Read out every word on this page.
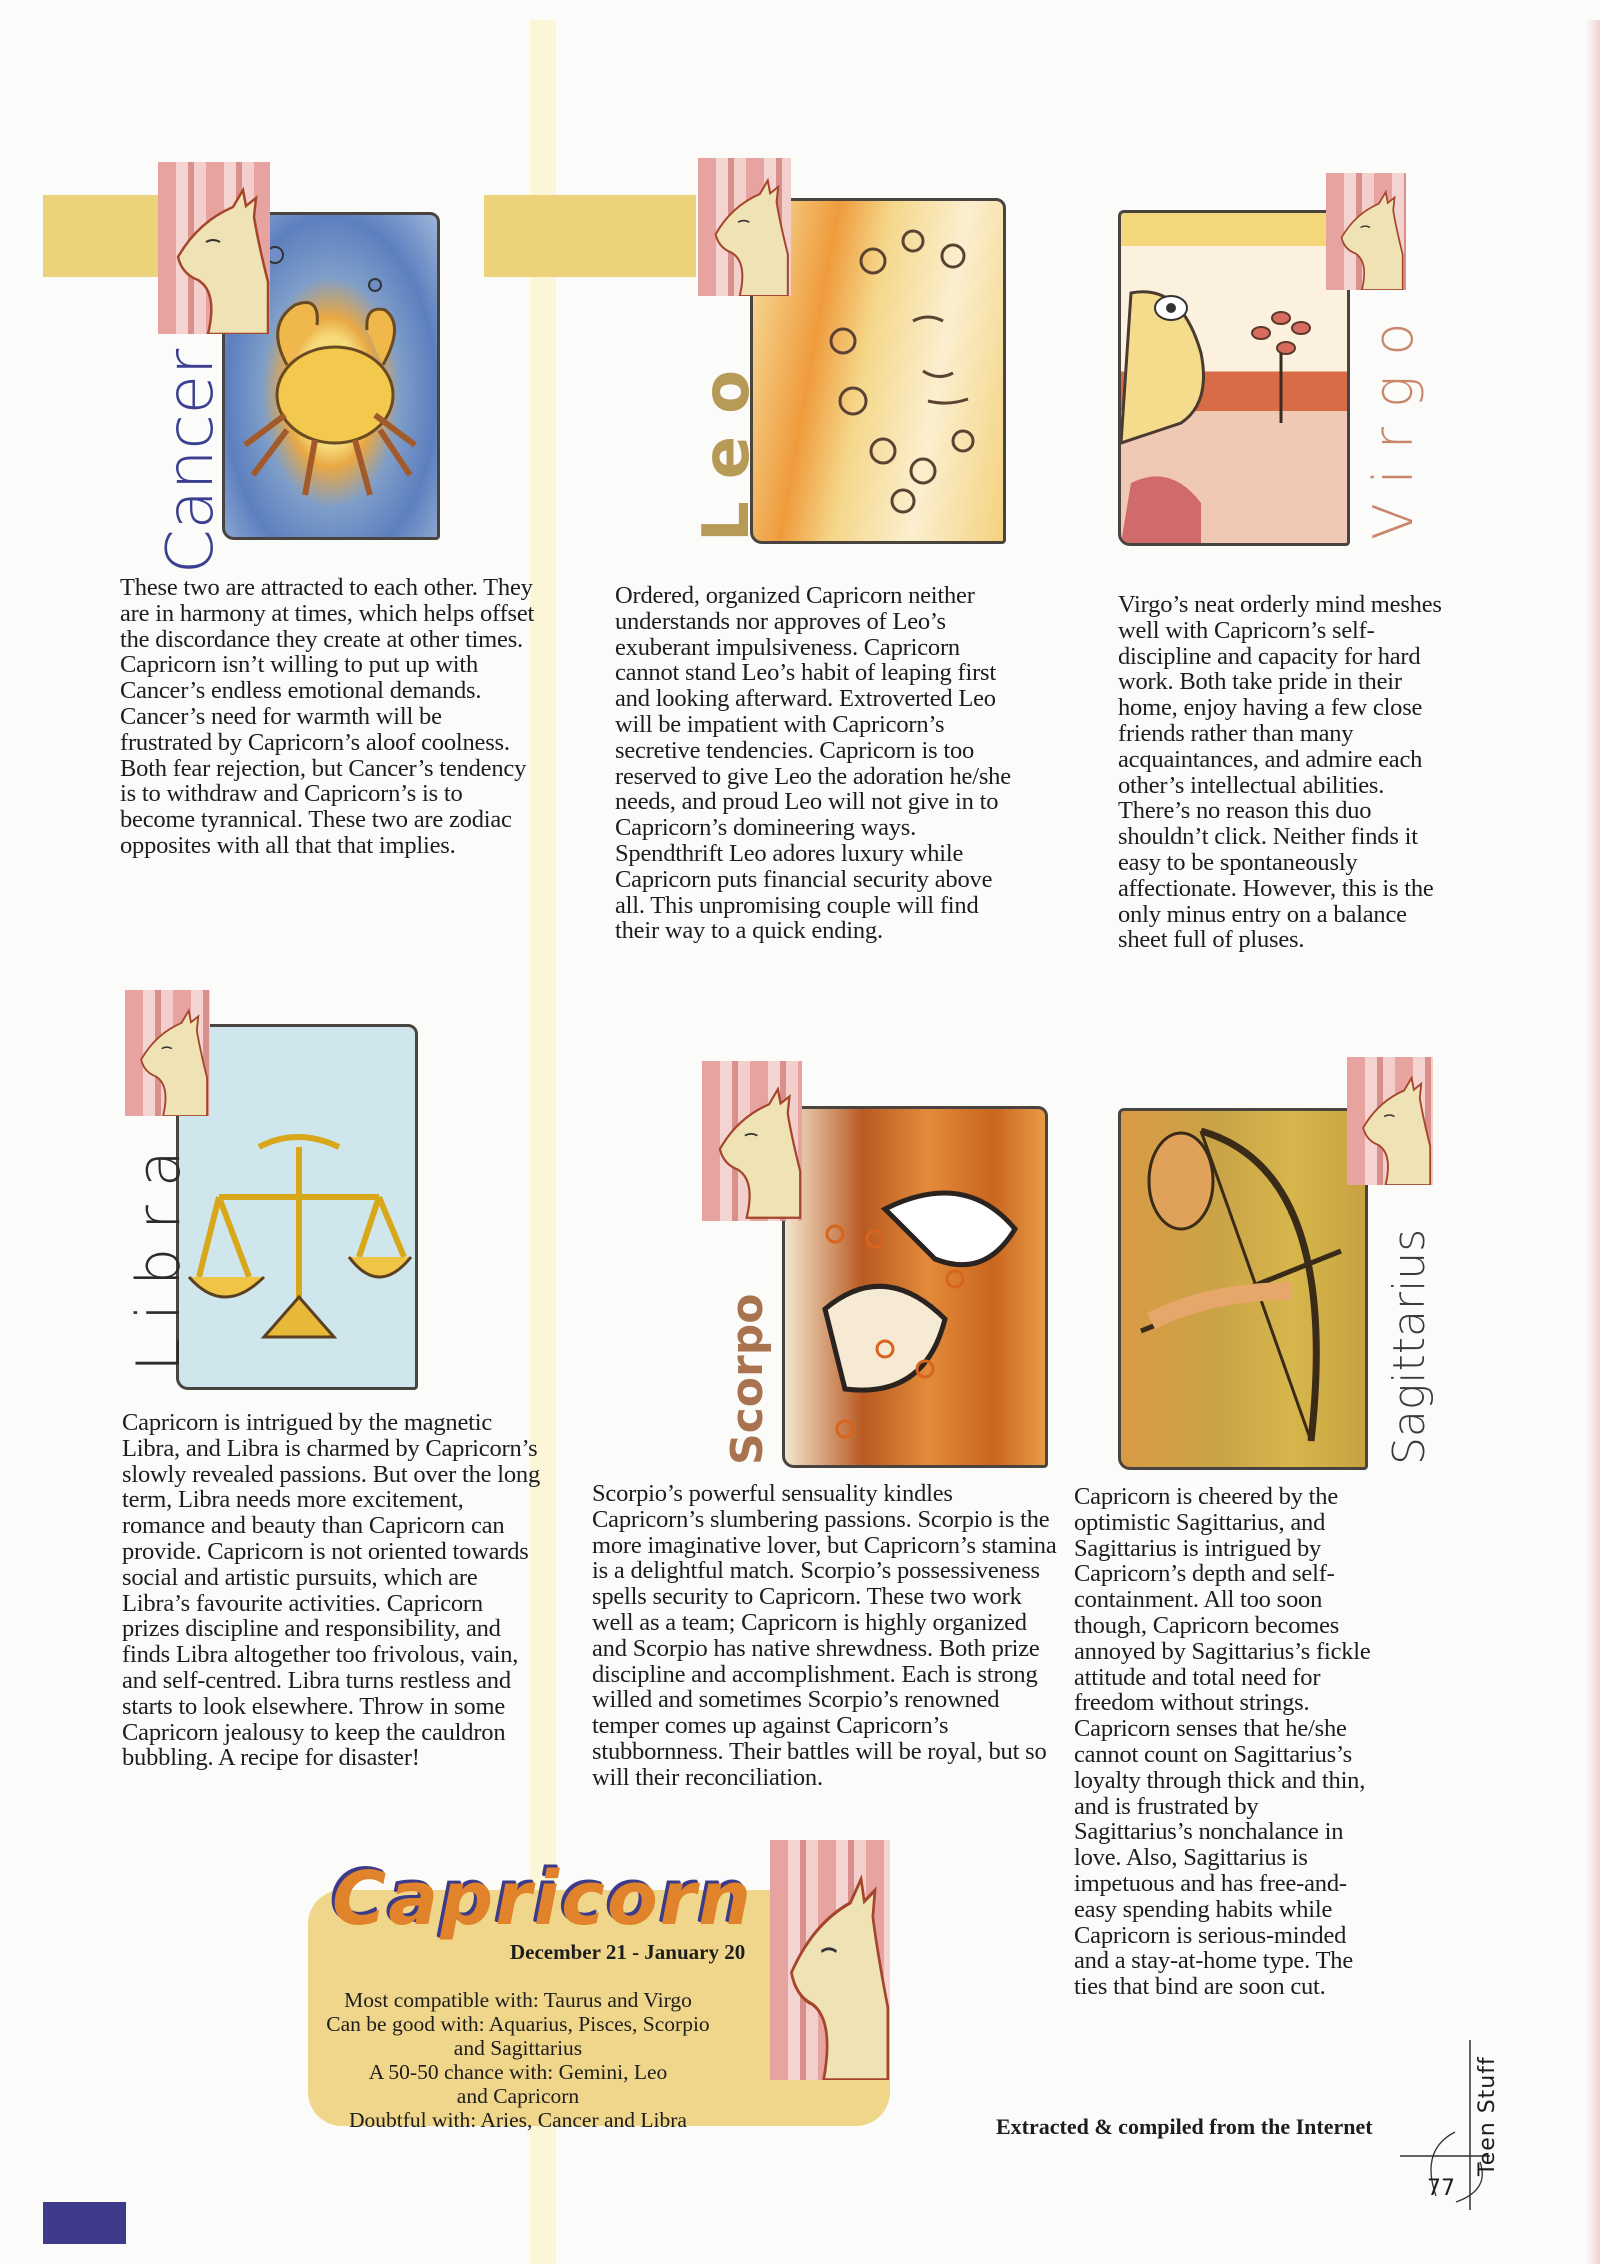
Cancer

These two are attracted to each other. They are in harmony at times, which helps offset the discordance they create at other times. Capricorn isn’t willing to put up with Cancer’s endless emotional demands. Cancer’s need for warmth will be frustrated by Capricorn’s aloof coolness. Both fear rejection, but Cancer’s tendency is to withdraw and Capricorn’s is to become tyrannical. These two are zodiac opposites with all that that implies.

Leo

Ordered, organized Capricorn neither understands nor approves of Leo’s exuberant impulsiveness. Capricorn cannot stand Leo’s habit of leaping first and looking afterward. Extroverted Leo will be impatient with Capricorn’s secretive tendencies. Capricorn is too reserved to give Leo the adoration he/she needs, and proud Leo will not give in to Capricorn’s domineering ways. Spendthrift Leo adores luxury while Capricorn puts financial security above all. This unpromising couple will find their way to a quick ending.

Virgo

Virgo’s neat orderly mind meshes well with Capricorn’s self-discipline and capacity for hard work. Both take pride in their home, enjoy having a few close friends rather than many acquaintances, and admire each other’s intellectual abilities. There’s no reason this duo shouldn’t click. Neither finds it easy to be spontaneously affectionate. However, this is the only minus entry on a balance sheet full of pluses.

Libra

Capricorn is intrigued by the magnetic Libra, and Libra is charmed by Capricorn’s slowly revealed passions. But over the long term, Libra needs more excitement, romance and beauty than Capricorn can provide. Capricorn is not oriented towards social and artistic pursuits, which are Libra’s favourite activities. Capricorn prizes discipline and responsibility, and finds Libra altogether too frivolous, vain, and self-centred. Libra turns restless and starts to look elsewhere. Throw in some Capricorn jealousy to keep the cauldron bubbling. A recipe for disaster!

Scorpo

Scorpio’s powerful sensuality kindles Capricorn’s slumbering passions. Scorpio is the more imaginative lover, but Capricorn’s stamina is a delightful match. Scorpio’s possessiveness spells security to Capricorn. These two work well as a team; Capricorn is highly organized and Scorpio has native shrewdness. Both prize discipline and accomplishment. Each is strong willed and sometimes Scorpio’s renowned temper comes up against Capricorn’s stubbornness. Their battles will be royal, but so will their reconciliation.

Sagittarius

Capricorn is cheered by the optimistic Sagittarius, and Sagittarius is intrigued by Capricorn’s depth and self-containment. All too soon though, Capricorn becomes annoyed by Sagittarius’s fickle attitude and total need for freedom without strings. Capricorn senses that he/she cannot count on Sagittarius’s loyalty through thick and thin, and is frustrated by Sagittarius’s nonchalance in love. Also, Sagittarius is impetuous and has free-and-easy spending habits while Capricorn is serious-minded and a stay-at-home type. The ties that bind are soon cut.

Capricorn
December 21 - January 20
Most compatible with: Taurus and Virgo
Can be good with: Aquarius, Pisces, Scorpio
and Sagittarius
A 50-50 chance with: Gemini, Leo
and Capricorn
Doubtful with: Aries, Cancer and Libra	Extracted & compiled from the Internet	Teen Stuff
77
